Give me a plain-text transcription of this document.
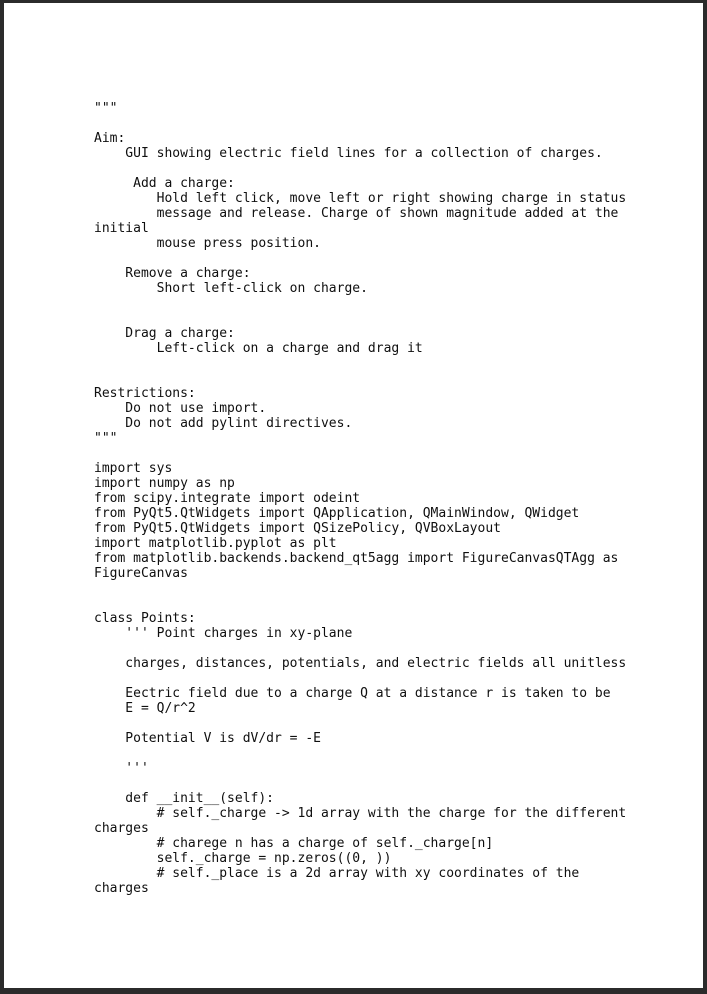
"""
Aim:
GUI showing electric field lines for a collection of charges.
Add a charge:
Hold left click, move left or right showing charge in status
message and release. Charge of shown magnitude added at the
initial
mouse press position.
Remove a charge:
Short left-click on charge.
Drag a charge:
Left-click on a charge and drag it
Restrictions:
Do not use import.
Do not add pylint directives.
"""
import sys
import numpy as np
from scipy.integrate import odeint
from PyQt5.QtWidgets import QApplication, QMainWindow, QWidget
from PyQt5.QtWidgets import QSizePolicy, QVBoxLayout
import matplotlib.pyplot as plt
from matplotlib.backends.backend_qt5agg import FigureCanvasQTAgg as
FigureCanvas
class Points:
''' Point charges in xy-plane
charges, distances, potentials, and electric fields all unitless
Eectric field due to a charge Q at a distance r is taken to be
E = Q/r^2
Potential V is dV/dr = -E
'''
def __init__(self):
# self._charge -> 1d array with the charge for the different
charges
# charege n has a charge of self._charge[n]
self._charge = np.zeros((0, ))
# self._place is a 2d array with xy coordinates of the
charges
